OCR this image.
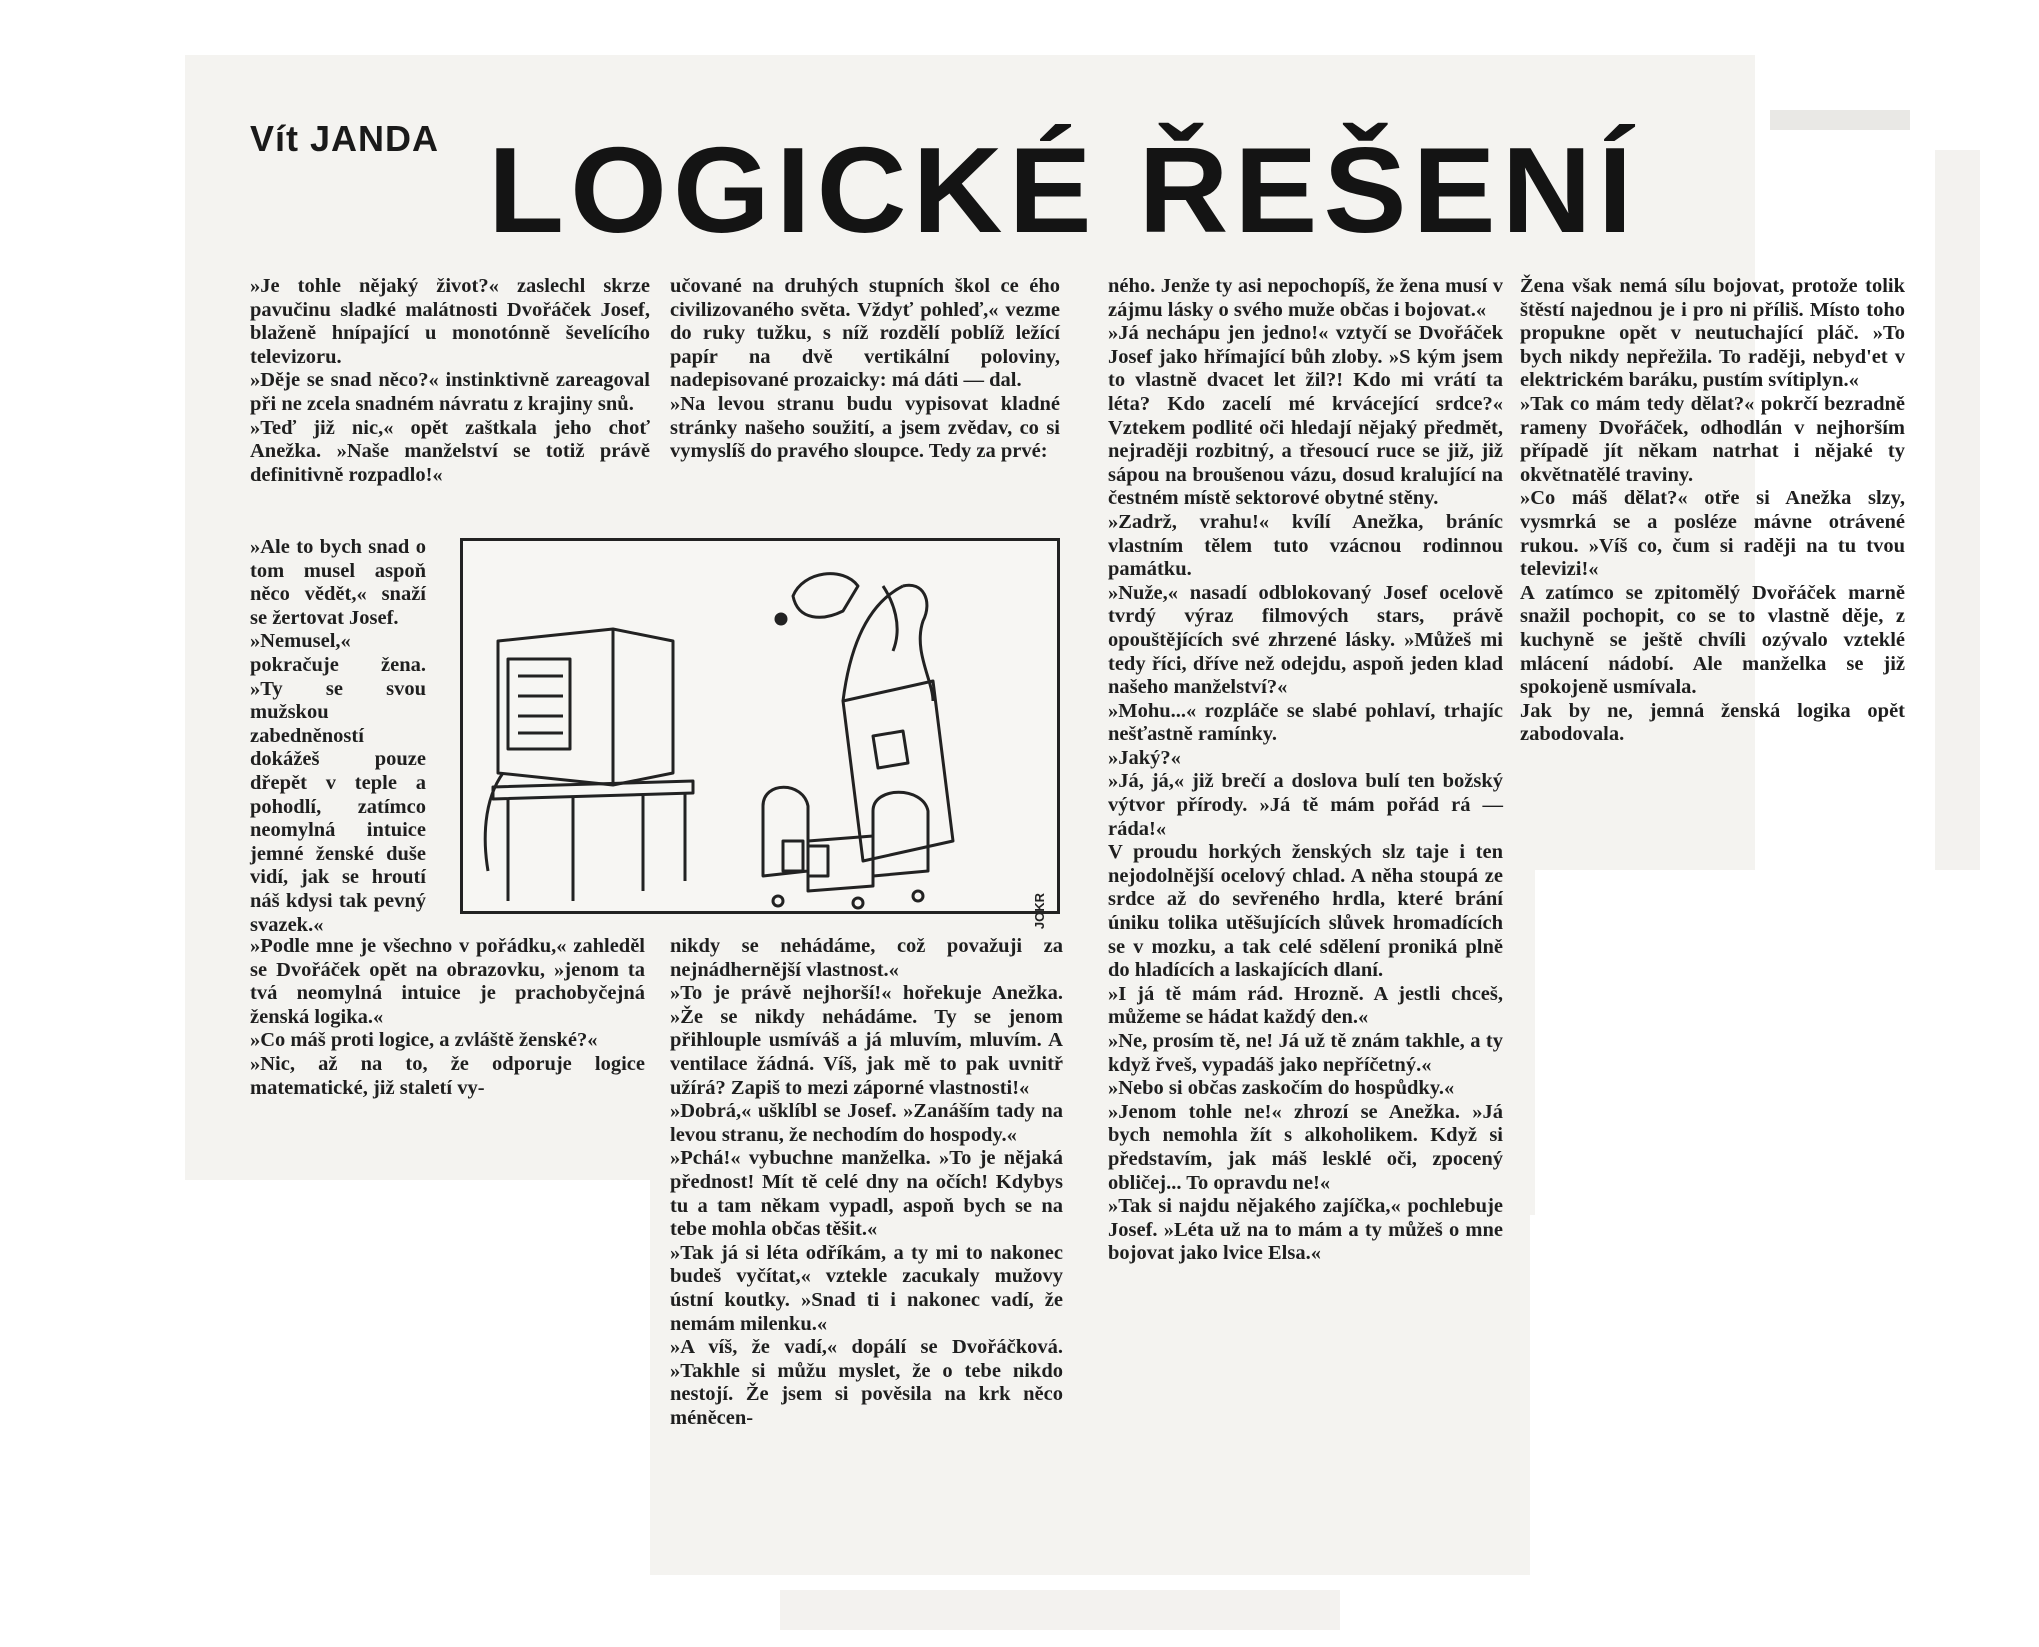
Vít JANDA LOGICKÉ ŘEŠENÍ
»Je tohle nějaký život?« zaslechl skrze pavučinu sladké malátnosti Dvořáček Josef, blaženě hnípající u monotónně ševelícího televizoru.
»Děje se snad něco?« instinktivně zareagoval při ne zcela snadném návratu z krajiny snů.
»Teď již nic,« opět zaštkala jeho choť Anežka. »Naše manželství se totiž právě definitivně rozpadlo!«
»Ale to bych snad o tom musel aspoň něco vědět,« snaží se žertovat Josef.
»Nemusel,« pokračuje žena. »Ty se svou mužskou zabedněností dokážeš pouze dřepět v teple a pohodlí, zatímco neomylná intuice jemné ženské duše vidí, jak se hroutí náš kdysi tak pevný svazek.«
»Podle mne je všechno v pořádku,« zahleděl se Dvořáček opět na obrazovku, »jenom ta tvá neomylná intuice je prachobyčejná ženská logika.«
»Co máš proti logice, a zvláště ženské?«
»Nic, až na to, že odporuje logice matematické, již staletí vy-
učované na druhých stupních škol ce ého civilizovaného světa. Vždyť pohleď,« vezme do ruky tužku, s níž rozdělí poblíž ležící papír na dvě vertikální poloviny, nadepisované prozaicky: má dáti — dal.
»Na levou stranu budu vypisovat kladné stránky našeho soužití, a jsem zvědav, co si vymyslíš do pravého sloupce. Tedy za prvé:
nikdy se nehádáme, což považuji za nejnádhernější vlastnost.«
»To je právě nejhorší!« hořekuje Anežka. »Že se nikdy nehádáme. Ty se jenom přihlouple usmíváš a já mluvím, mluvím. A ventilace žádná. Víš, jak mě to pak uvnitř užírá? Zapiš to mezi záporné vlastnosti!«
»Dobrá,« ušklíbl se Josef. »Zanáším tady na levou stranu, že nechodím do hospody.«
»Pchá!« vybuchne manželka. »To je nějaká přednost! Mít tě celé dny na očích! Kdybys tu a tam někam vypadl, aspoň bych se na tebe mohla občas těšit.«
»Tak já si léta odříkám, a ty mi to nakonec budeš vyčítat,« vztekle zacukaly mužovy ústní koutky. »Snad ti i nakonec vadí, že nemám milenku.«
»A víš, že vadí,« dopálí se Dvořáčková. »Takhle si můžu myslet, že o tebe nikdo nestojí. Že jsem si pověsila na krk něco méněcen-
ného. Jenže ty asi nepochopíš, že žena musí v zájmu lásky o svého muže občas i bojovat.«
»Já nechápu jen jedno!« vztyčí se Dvořáček Josef jako hřímající bůh zloby. »S kým jsem to vlastně dvacet let žil?! Kdo mi vrátí ta léta? Kdo zacelí mé krvácející srdce?« Vztekem podlité oči hledají nějaký předmět, nejraději rozbitný, a třesoucí ruce se již, již sápou na broušenou vázu, dosud kralující na čestném místě sektorové obytné stěny.
»Zadrž, vrahu!« kvílí Anežka, bráníc vlastním tělem tuto vzácnou rodinnou památku.
»Nuže,« nasadí odblokovaný Josef ocelově tvrdý výraz filmových stars, právě opouštějících své zhrzené lásky. »Můžeš mi tedy říci, dříve než odejdu, aspoň jeden klad našeho manželství?«
»Mohu...« rozpláče se slabé pohlaví, trhajíc nešťastně ramínky.
»Jaký?«
»Já, já,« již brečí a doslova bulí ten božský výtvor přírody. »Já tě mám pořád rá — ráda!«
V proudu horkých ženských slz taje i ten nejodolnější ocelový chlad. A něha stoupá ze srdce až do sevřeného hrdla, které brání úniku tolika utěšujících slůvek hromadících se v mozku, a tak celé sdělení proniká plně do hladících a laskajících dlaní.
»I já tě mám rád. Hrozně. A jestli chceš, můžeme se hádat každý den.«
»Ne, prosím tě, ne! Já už tě znám takhle, a ty když řveš, vypadáš jako nepříčetný.«
»Nebo si občas zaskočím do hospůdky.«
»Jenom tohle ne!« zhrozí se Anežka. »Já bych nemohla žít s alkoholikem. Když si představím, jak máš lesklé oči, zpocený obličej... To opravdu ne!«
»Tak si najdu nějakého zajíčka,« pochlebuje Josef. »Léta už na to mám a ty můžeš o mne bojovat jako lvice Elsa.«
Žena však nemá sílu bojovat, protože tolik štěstí najednou je i pro ni příliš. Místo toho propukne opět v neutuchající pláč. »To bych nikdy nepřežila. To raději, nebyd'et v elektrickém baráku, pustím svítiplyn.«
»Tak co mám tedy dělat?« pokrčí bezradně rameny Dvořáček, odhodlán v nejhorším případě jít někam natrhat i nějaké ty okvětnatělé traviny.
»Co máš dělat?« otře si Anežka slzy, vysmrká se a posléze mávne otrávené rukou. »Víš co, čum si raději na tu tvou televizi!«
A zatímco se zpitomělý Dvořáček marně snažil pochopit, co se to vlastně děje, z kuchyně se ještě chvíli ozývalo vzteklé mlácení nádobí. Ale manželka se již spokojeně usmívala.
Jak by ne, jemná ženská logika opět zabodovala.
JOKR
